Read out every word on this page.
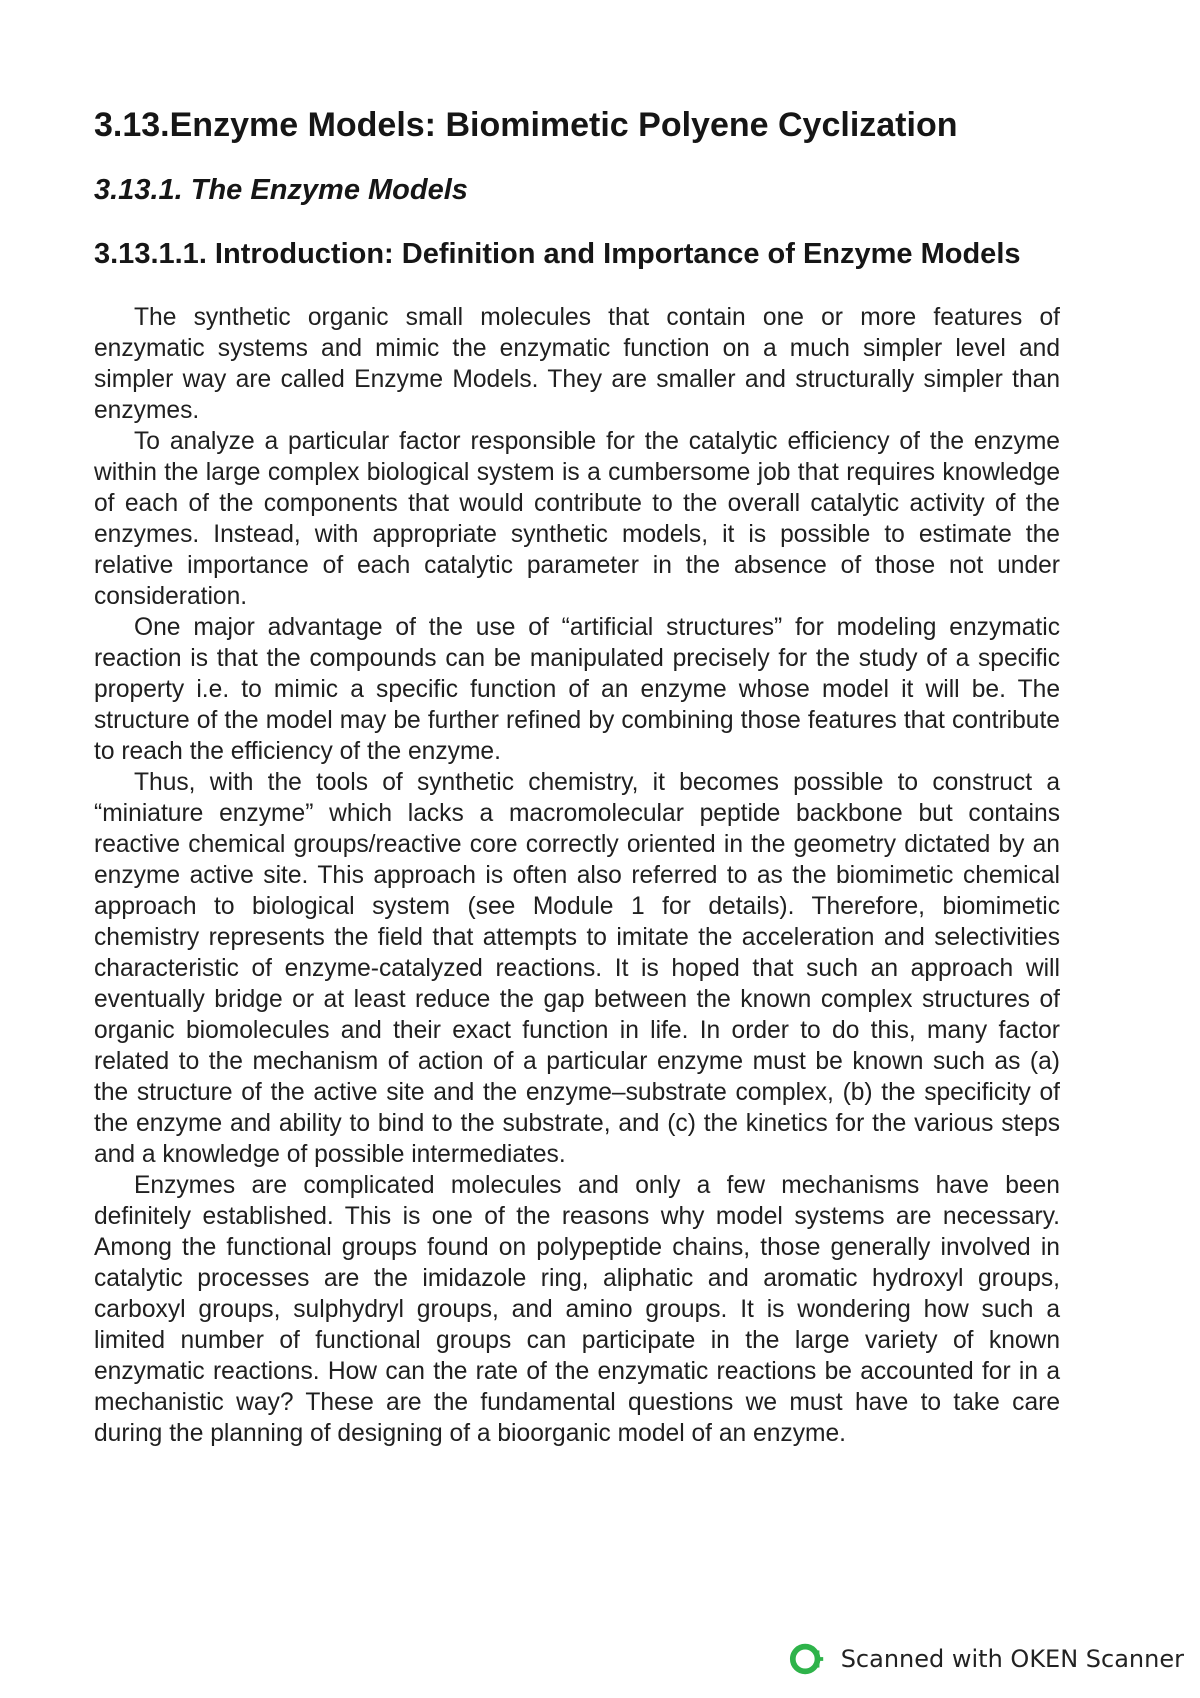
3.13.Enzyme Models: Biomimetic Polyene Cyclization
3.13.1. The Enzyme Models
3.13.1.1. Introduction: Definition and Importance of Enzyme Models

The synthetic organic small molecules that contain one or more features of enzymatic systems and mimic the enzymatic function on a much simpler level and simpler way are called Enzyme Models. They are smaller and structurally simpler than enzymes.

To analyze a particular factor responsible for the catalytic efficiency of the enzyme within the large complex biological system is a cumbersome job that requires knowledge of each of the components that would contribute to the overall catalytic activity of the enzymes. Instead, with appropriate synthetic models, it is possible to estimate the relative importance of each catalytic parameter in the absence of those not under consideration.

One major advantage of the use of “artificial structures” for modeling enzymatic reaction is that the compounds can be manipulated precisely for the study of a specific property i.e. to mimic a specific function of an enzyme whose model it will be. The structure of the model may be further refined by combining those features that contribute to reach the efficiency of the enzyme.

Thus, with the tools of synthetic chemistry, it becomes possible to construct a “miniature enzyme” which lacks a macromolecular peptide backbone but contains reactive chemical groups/reactive core correctly oriented in the geometry dictated by an enzyme active site. This approach is often also referred to as the biomimetic chemical approach to biological system (see Module 1 for details). Therefore, biomimetic chemistry represents the field that attempts to imitate the acceleration and selectivities characteristic of enzyme-catalyzed reactions. It is hoped that such an approach will eventually bridge or at least reduce the gap between the known complex structures of organic biomolecules and their exact function in life. In order to do this, many factor related to the mechanism of action of a particular enzyme must be known such as (a) the structure of the active site and the enzyme–substrate complex, (b) the specificity of the enzyme and ability to bind to the substrate, and (c) the kinetics for the various steps and a knowledge of possible intermediates.

Enzymes are complicated molecules and only a few mechanisms have been definitely established. This is one of the reasons why model systems are necessary. Among the functional groups found on polypeptide chains, those generally involved in catalytic processes are the imidazole ring, aliphatic and aromatic hydroxyl groups, carboxyl groups, sulphydryl groups, and amino groups. It is wondering how such a limited number of functional groups can participate in the large variety of known enzymatic reactions. How can the rate of the enzymatic reactions be accounted for in a mechanistic way? These are the fundamental questions we must have to take care during the planning of designing of a bioorganic model of an enzyme.

Scanned with OKEN Scanner
